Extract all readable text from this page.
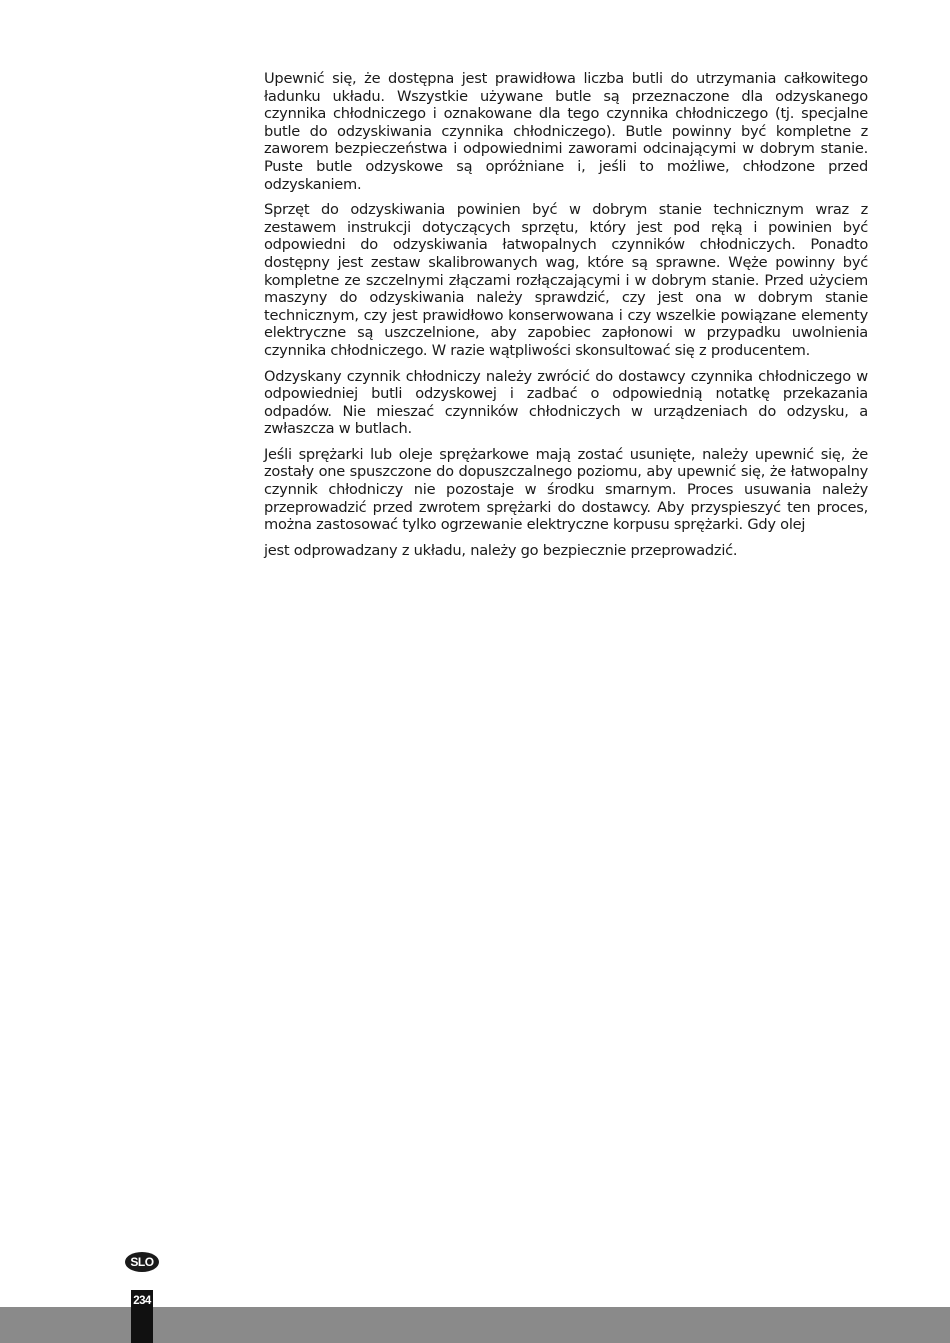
Upewnić się, że dostępna jest prawidłowa liczba butli do utrzymania całkowitego ładunku układu. Wszystkie używane butle są przeznaczone dla odzyskanego czynnika chłodniczego i oznakowane dla tego czynnika chłodniczego (tj. specjalne butle do odzyskiwania czynnika chłodniczego). Butle powinny być kompletne z zaworem bezpieczeństwa i odpowiednimi zaworami odcinającymi w dobrym stanie. Puste butle odzyskowe są opróżniane i, jeśli to możliwe, chłodzone przed odzyskaniem.

Sprzęt do odzyskiwania powinien być w dobrym stanie technicznym wraz z zestawem instrukcji dotyczących sprzętu, który jest pod ręką i powinien być odpowiedni do odzyskiwania łatwopalnych czynników chłodniczych. Ponadto dostępny jest zestaw skalibrowanych wag, które są sprawne. Węże powinny być kompletne ze szczelnymi złączami rozłączającymi i w dobrym stanie. Przed użyciem maszyny do odzyskiwania należy sprawdzić, czy jest ona w dobrym stanie technicznym, czy jest prawidłowo konserwowana i czy wszelkie powiązane elementy elektryczne są uszczelnione, aby zapobiec zapłonowi w przypadku uwolnienia czynnika chłodniczego. W razie wątpliwości skonsultować się z producentem.

Odzyskany czynnik chłodniczy należy zwrócić do dostawcy czynnika chłodniczego w odpowiedniej butli odzyskowej i zadbać o odpowiednią notatkę przekazania odpadów. Nie mieszać czynników chłodniczych w urządzeniach do odzysku, a zwłaszcza w butlach.

Jeśli sprężarki lub oleje sprężarkowe mają zostać usunięte, należy upewnić się, że zostały one spuszczone do dopuszczalnego poziomu, aby upewnić się, że łatwopalny czynnik chłodniczy nie pozostaje w środku smarnym. Proces usuwania należy przeprowadzić przed zwrotem sprężarki do dostawcy. Aby przyspieszyć ten proces, można zastosować tylko ogrzewanie elektryczne korpusu sprężarki. Gdy olej

jest odprowadzany z układu, należy go bezpiecznie przeprowadzić.

SLO
234
